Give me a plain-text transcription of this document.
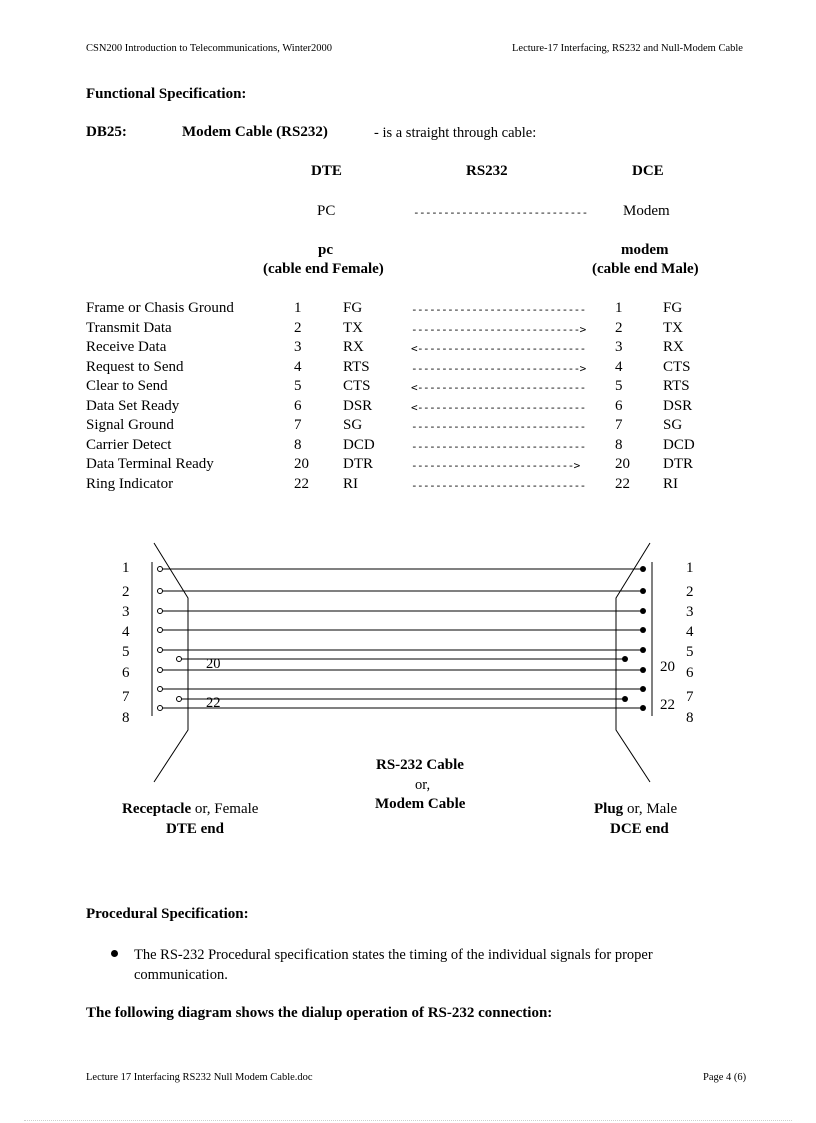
CSN200 Introduction to Telecommunications, Winter2000	Lecture-17 Interfacing, RS232 and Null-Modem Cable
Functional Specification:
DB25:	Modem Cable (RS232)	- is a straight through cable:
DTE	RS232	DCE
PC	----------------------------- Modem
pc
(cable end Female)
modem
(cable end Male)
Frame or Chasis Ground	1	FG	----------------------------- 1	FG
Transmit Data	2	TX	----------------------------> 2	TX
Receive Data	3	RX	<---------------------------- 3	RX
Request to Send	4	RTS	----------------------------> 4	CTS
Clear to Send	5	CTS	<---------------------------- 5	RTS
Data Set Ready	6	DSR	<---------------------------- 6	DSR
Signal Ground	7	SG	----------------------------- 7	SG
Carrier Detect	8	DCD	----------------------------- 8	DCD
Data Terminal Ready	20 DTR	---------------------------> 20 DTR
Ring Indicator	22 RI	----------------------------- 22 RI
1
2
3
4
5
6
7
8
1
2
3
4
5
6
7
8
20
22
20
22
RS-232 Cable
or,
Modem Cable
Receptacle or, Female
DTE end
Plug or, Male
DCE end
Procedural Specification:
The RS-232 Procedural specification states the timing of the individual signals for proper
communication.
The following diagram shows the dialup operation of RS-232 connection:
Lecture 17 Interfacing RS232 Null Modem Cable.doc	Page 4 (6)
